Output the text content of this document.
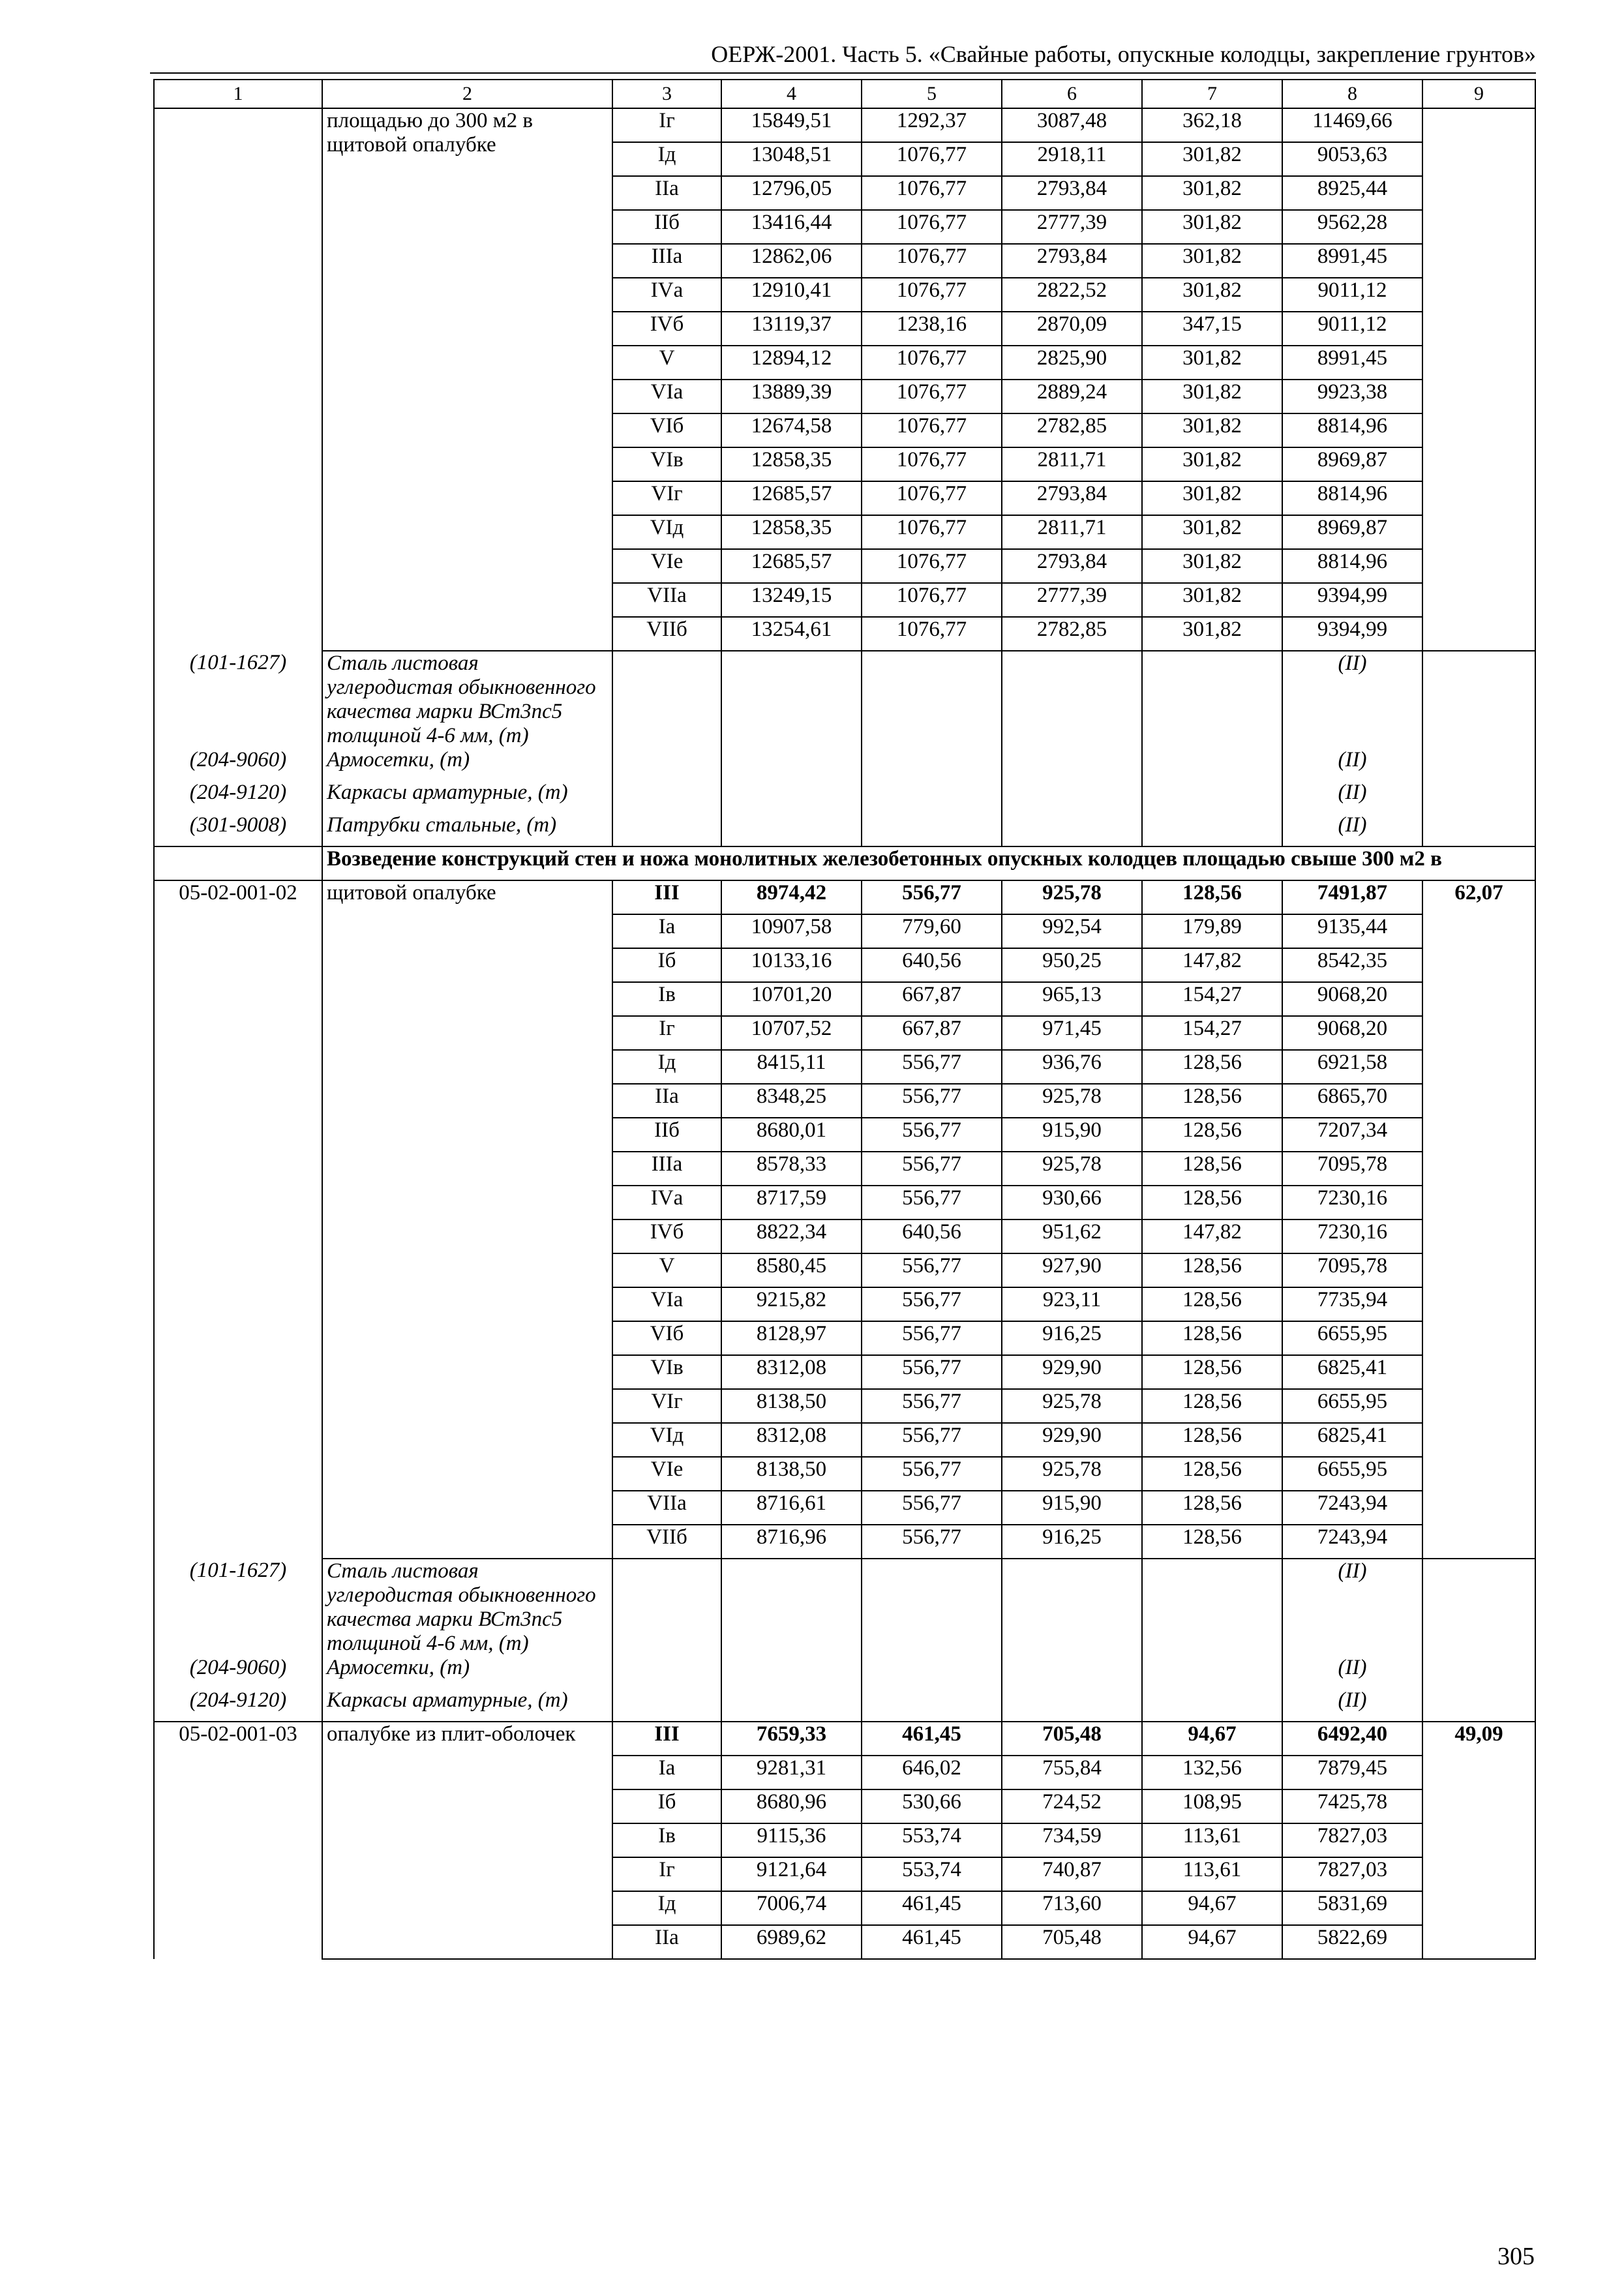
ОЕРЖ-2001. Часть 5. «Свайные работы, опускные колодцы, закрепление грунтов»
1	2	3	4	5	6	7	8	9
	площадью до 300 м2 в щитовой опалубке	Iг	15849,51	1292,37	3087,48	362,18	11469,66	
		Iд	13048,51	1076,77	2918,11	301,82	9053,63	
		IIа	12796,05	1076,77	2793,84	301,82	8925,44	
		IIб	13416,44	1076,77	2777,39	301,82	9562,28	
		IIIа	12862,06	1076,77	2793,84	301,82	8991,45	
		IVа	12910,41	1076,77	2822,52	301,82	9011,12	
		IVб	13119,37	1238,16	2870,09	347,15	9011,12	
		V	12894,12	1076,77	2825,90	301,82	8991,45	
		VIа	13889,39	1076,77	2889,24	301,82	9923,38	
		VIб	12674,58	1076,77	2782,85	301,82	8814,96	
		VIв	12858,35	1076,77	2811,71	301,82	8969,87	
		VIг	12685,57	1076,77	2793,84	301,82	8814,96	
		VIд	12858,35	1076,77	2811,71	301,82	8969,87	
		VIе	12685,57	1076,77	2793,84	301,82	8814,96	
		VIIа	13249,15	1076,77	2777,39	301,82	9394,99	
		VIIб	13254,61	1076,77	2782,85	301,82	9394,99	
(101-1627)	Сталь листовая углеродистая обыкновенного качества марки ВСт3пс5 толщиной 4-6 мм, (т)						(II)	
(204-9060)	Армосетки, (т)						(II)	
(204-9120)	Каркасы арматурные, (т)						(II)	
(301-9008)	Патрубки стальные, (т)						(II)	
	Возведение конструкций стен и ножа монолитных железобетонных опускных колодцев площадью свыше 300 м2 в							
05-02-001-02	щитовой опалубке	III	8974,42	556,77	925,78	128,56	7491,87	62,07
		Iа	10907,58	779,60	992,54	179,89	9135,44	
		Iб	10133,16	640,56	950,25	147,82	8542,35	
		Iв	10701,20	667,87	965,13	154,27	9068,20	
		Iг	10707,52	667,87	971,45	154,27	9068,20	
		Iд	8415,11	556,77	936,76	128,56	6921,58	
		IIа	8348,25	556,77	925,78	128,56	6865,70	
		IIб	8680,01	556,77	915,90	128,56	7207,34	
		IIIа	8578,33	556,77	925,78	128,56	7095,78	
		IVа	8717,59	556,77	930,66	128,56	7230,16	
		IVб	8822,34	640,56	951,62	147,82	7230,16	
		V	8580,45	556,77	927,90	128,56	7095,78	
		VIа	9215,82	556,77	923,11	128,56	7735,94	
		VIб	8128,97	556,77	916,25	128,56	6655,95	
		VIв	8312,08	556,77	929,90	128,56	6825,41	
		VIг	8138,50	556,77	925,78	128,56	6655,95	
		VIд	8312,08	556,77	929,90	128,56	6825,41	
		VIе	8138,50	556,77	925,78	128,56	6655,95	
		VIIа	8716,61	556,77	915,90	128,56	7243,94	
		VIIб	8716,96	556,77	916,25	128,56	7243,94	
(101-1627)	Сталь листовая углеродистая обыкновенного качества марки ВСт3пс5 толщиной 4-6 мм, (т)						(II)	
(204-9060)	Армосетки, (т)						(II)	
(204-9120)	Каркасы арматурные, (т)						(II)	
05-02-001-03	опалубке из плит-оболочек	III	7659,33	461,45	705,48	94,67	6492,40	49,09
		Iа	9281,31	646,02	755,84	132,56	7879,45	
		Iб	8680,96	530,66	724,52	108,95	7425,78	
		Iв	9115,36	553,74	734,59	113,61	7827,03	
		Iг	9121,64	553,74	740,87	113,61	7827,03	
		Iд	7006,74	461,45	713,60	94,67	5831,69	
		IIа	6989,62	461,45	705,48	94,67	5822,69	
305
